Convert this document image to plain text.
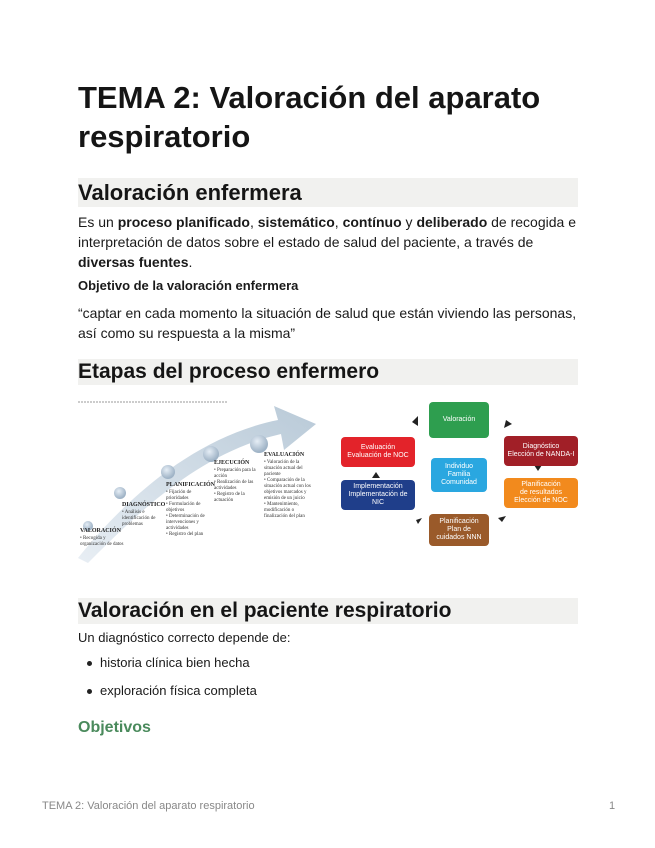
TEMA 2: Valoración del aparato respiratorio
Valoración enfermera
Es un proceso planificado, sistemático, contínuo y deliberado de recogida e interpretación de datos sobre el estado de salud del paciente, a través de diversas fuentes.
Objetivo de la valoración enfermera
“captar en cada momento la situación de salud que están viviendo las personas, así como su respuesta a la misma”
Etapas del proceso enfermero
VALORACIÓN
• Recogida y organización de datos
DIAGNÓSTICO
• Análisis e identificación de problemas
PLANIFICACIÓN
• Fijación de prioridades
• Formulación de objetivos
• Determinación de intervenciones y actividades
• Registro del plan
EJECUCIÓN
• Preparación para la acción
• Realización de las actividades
• Registro de la actuación
EVALUACIÓN
• Valoración de la situación actual del paciente
• Comparación de la situación actual con los objetivos marcados y emisión de un juicio
• Mantenimiento, modificación o finalización del plan
Valoración
Diagnóstico
Elección de NANDA-I
Planificación
de resultados
Elección de NOC
Planificación
Plan de
cuidados NNN
Implementación
Implementación de
NIC
Evaluación
Evaluación de NOC
Individuo
Familia
Comunidad
Valoración en el paciente respiratorio
Un diagnóstico correcto depende de:
historia clínica bien hecha
exploración física completa
Objetivos
TEMA 2: Valoración del aparato respiratorio	1
